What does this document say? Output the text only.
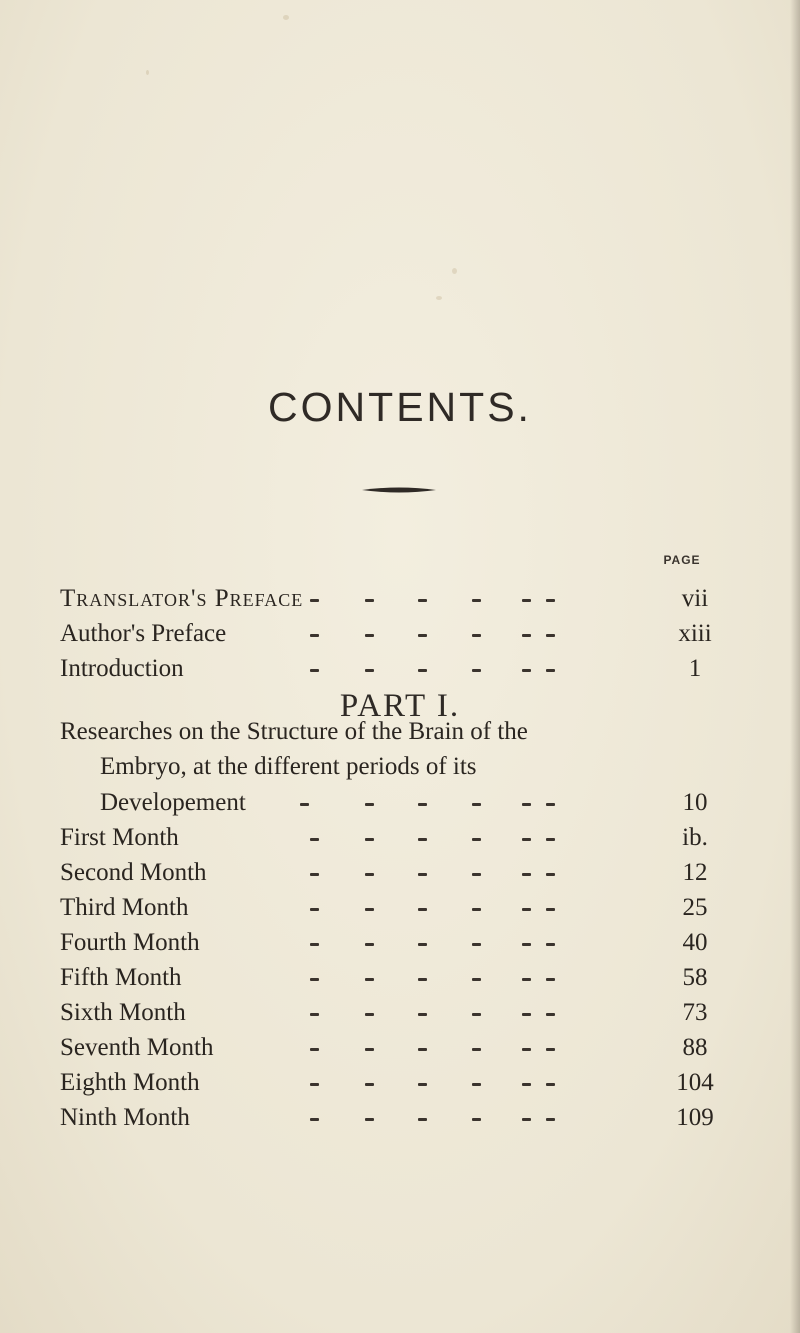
CONTENTS.
PAGE
Translator's Preface	vii
Author's Preface	xiii
Introduction	1
PART I.
Researches on the Structure of the Brain of the
Embryo, at the different periods of its
Developement	10
First Month	ib.
Second Month	12
Third Month	25
Fourth Month	40
Fifth Month	58
Sixth Month	73
Seventh Month	88
Eighth Month	104
Ninth Month	109
